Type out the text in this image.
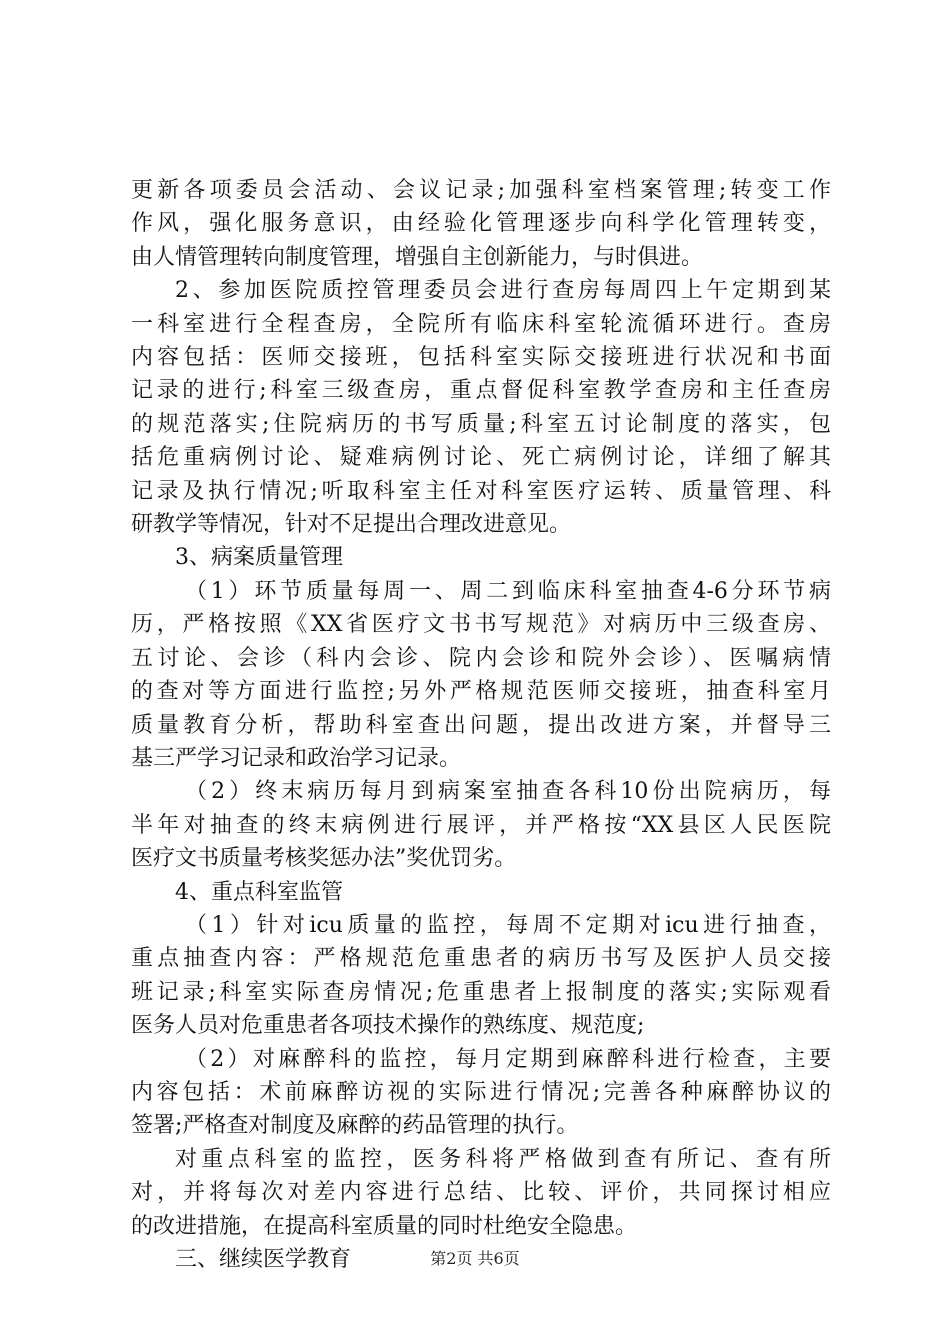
更新各项委员会活动、会议记录;加强科室档案管理;转变工作
作风，强化服务意识，由经验化管理逐步向科学化管理转变，
由人情管理转向制度管理，增强自主创新能力，与时俱进。
2、参加医院质控管理委员会进行查房每周四上午定期到某
一科室进行全程查房，全院所有临床科室轮流循环进行。查房
内容包括：医师交接班，包括科室实际交接班进行状况和书面
记录的进行;科室三级查房，重点督促科室教学查房和主任查房
的规范落实;住院病历的书写质量;科室五讨论制度的落实，包
括危重病例讨论、疑难病例讨论、死亡病例讨论，详细了解其
记录及执行情况;听取科室主任对科室医疗运转、质量管理、科
研教学等情况，针对不足提出合理改进意见。
3、病案质量管理
（1）环节质量每周一、周二到临床科室抽查4-6分环节病
历，严格按照《XX省医疗文书书写规范》对病历中三级查房、
五讨论、会诊（科内会诊、院内会诊和院外会诊）、医嘱病情
的查对等方面进行监控;另外严格规范医师交接班，抽查科室月
质量教育分析，帮助科室查出问题，提出改进方案，并督导三
基三严学习记录和政治学习记录。
（2）终末病历每月到病案室抽查各科10份出院病历，每
半年对抽查的终末病例进行展评，并严格按“XX县区人民医院
医疗文书质量考核奖惩办法”奖优罚劣。
4、重点科室监管
（1）针对icu质量的监控，每周不定期对icu进行抽查，
重点抽查内容：严格规范危重患者的病历书写及医护人员交接
班记录;科室实际查房情况;危重患者上报制度的落实;实际观看
医务人员对危重患者各项技术操作的熟练度、规范度;
（2）对麻醉科的监控，每月定期到麻醉科进行检查，主要
内容包括：术前麻醉访视的实际进行情况;完善各种麻醉协议的
签署;严格查对制度及麻醉的药品管理的执行。
对重点科室的监控，医务科将严格做到查有所记、查有所
对，并将每次对差内容进行总结、比较、评价，共同探讨相应
的改进措施，在提高科室质量的同时杜绝安全隐患。
三、继续医学教育	第2页 共6页
